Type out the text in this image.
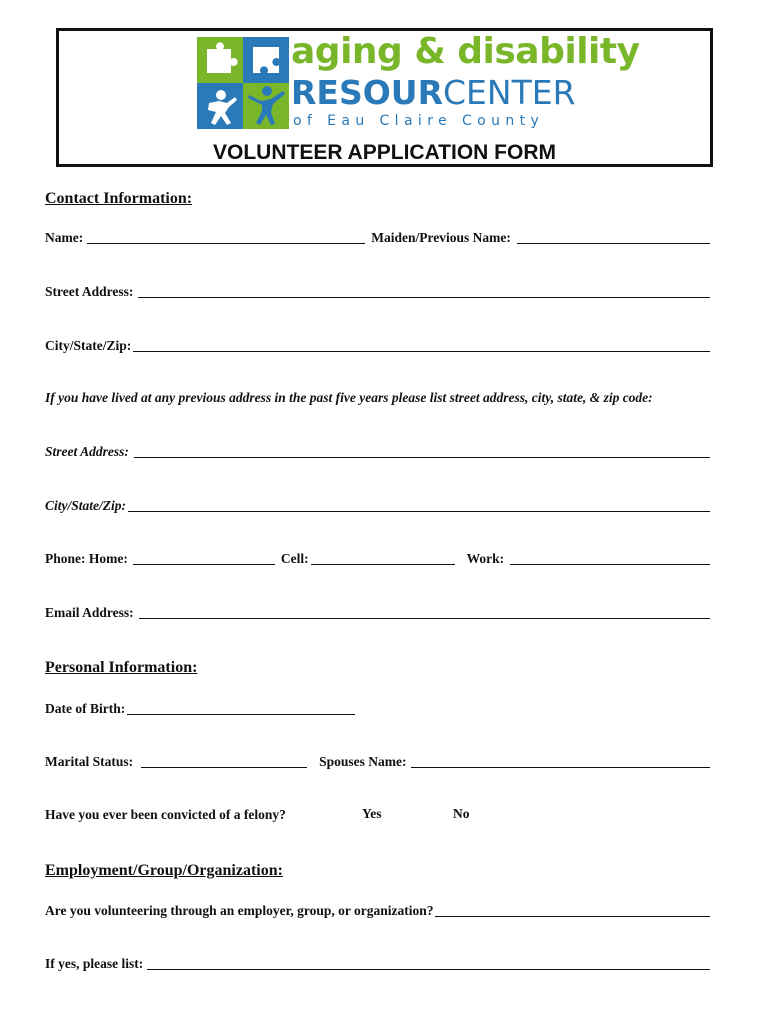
aging & disability
RESOURCENTER
of Eau Claire County
VOLUNTEER APPLICATION FORM
Contact Information:
Name:	Maiden/Previous Name:
Street Address:
City/State/Zip:
If you have lived at any previous address in the past five years please list street address, city, state, & zip code:
Street Address:
City/State/Zip:
Phone: Home:	Cell:	Work:
Email Address:
Personal Information:
Date of Birth:
Marital Status:	Spouses Name:
Have you ever been convicted of a felony?	Yes	No
Employment/Group/Organization:
Are you volunteering through an employer, group, or organization?
If yes, please list:
